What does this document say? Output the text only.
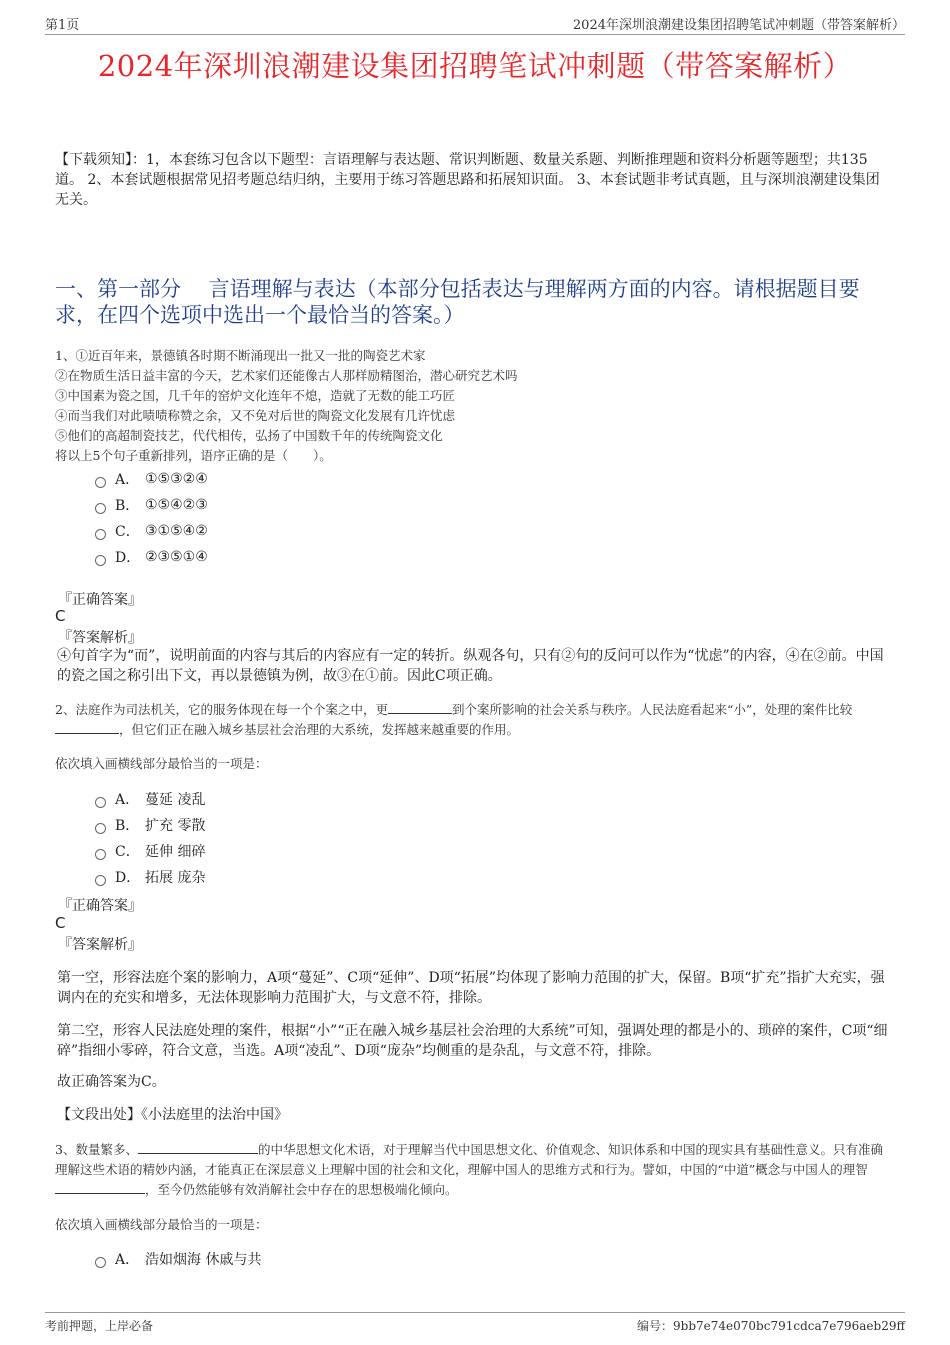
第1页	2024年深圳浪潮建设集团招聘笔试冲刺题（带答案解析）
2024年深圳浪潮建设集团招聘笔试冲刺题（带答案解析）
【下载须知】：1，本套练习包含以下题型：言语理解与表达题、常识判断题、数量关系题、判断推理题和资料分析题等题型；共135道。 2、本套试题根据常见招考题总结归纳，主要用于练习答题思路和拓展知识面。 3、本套试题非考试真题，且与深圳浪潮建设集团无关。
一、第一部分　 言语理解与表达（本部分包括表达与理解两方面的内容。请根据题目要求，在四个选项中选出一个最恰当的答案。）
1、①近百年来，景德镇各时期不断涌现出一批又一批的陶瓷艺术家
②在物质生活日益丰富的今天，艺术家们还能像古人那样励精图治，潜心研究艺术吗
③中国素为瓷之国，几千年的窑炉文化连年不熄，造就了无数的能工巧匠
④而当我们对此啧啧称赞之余，又不免对后世的陶瓷文化发展有几许忧虑
⑤他们的高超制瓷技艺，代代相传，弘扬了中国数千年的传统陶瓷文化
将以上5个句子重新排列，语序正确的是（　　）。
A． ①⑤③②④
B． ①⑤④②③
C． ③①⑤④②
D． ②③⑤①④
『正确答案』
C
『答案解析』
④句首字为“而”，说明前面的内容与其后的内容应有一定的转折。纵观各句，只有②句的反问可以作为“忧虑”的内容，④在②前。中国的瓷之国之称引出下文，再以景德镇为例，故③在①前。因此C项正确。
2、法庭作为司法机关，它的服务体现在每一个个案之中，更	到个案所影响的社会关系与秩序。人民法庭看起来“小”，处理的案件比较，但它们正在融入城乡基层社会治理的大系统，发挥越来越重要的作用。
依次填入画横线部分最恰当的一项是：
A． 蔓延 凌乱
B． 扩充 零散
C． 延伸 细碎
D． 拓展 庞杂
『正确答案』
C
『答案解析』
第一空，形容法庭个案的影响力，A项“蔓延”、C项“延伸”、D项“拓展”均体现了影响力范围的扩大，保留。B项“扩充”指扩大充实，强调内在的充实和增多，无法体现影响力范围扩大，与文意不符，排除。
第二空，形容人民法庭处理的案件，根据“小”“正在融入城乡基层社会治理的大系统”可知，强调处理的都是小的、琐碎的案件，C项“细碎”指细小零碎，符合文意，当选。A项“凌乱”、D项“庞杂”均侧重的是杂乱，与文意不符，排除。
故正确答案为C。
【文段出处】《小法庭里的法治中国》
3、数量繁多、	的中华思想文化术语，对于理解当代中国思想文化、价值观念、知识体系和中国的现实具有基础性意义。只有准确理解这些术语的精妙内涵，才能真正在深层意义上理解中国的社会和文化，理解中国人的思维方式和行为。譬如，中国的“中道”概念与中国人的理智，至今仍然能够有效消解社会中存在的思想极端化倾向。
依次填入画横线部分最恰当的一项是：
A． 浩如烟海 休戚与共
考前押题，上岸必备	编号：9bb7e74e070bc791cdca7e796aeb29ff
